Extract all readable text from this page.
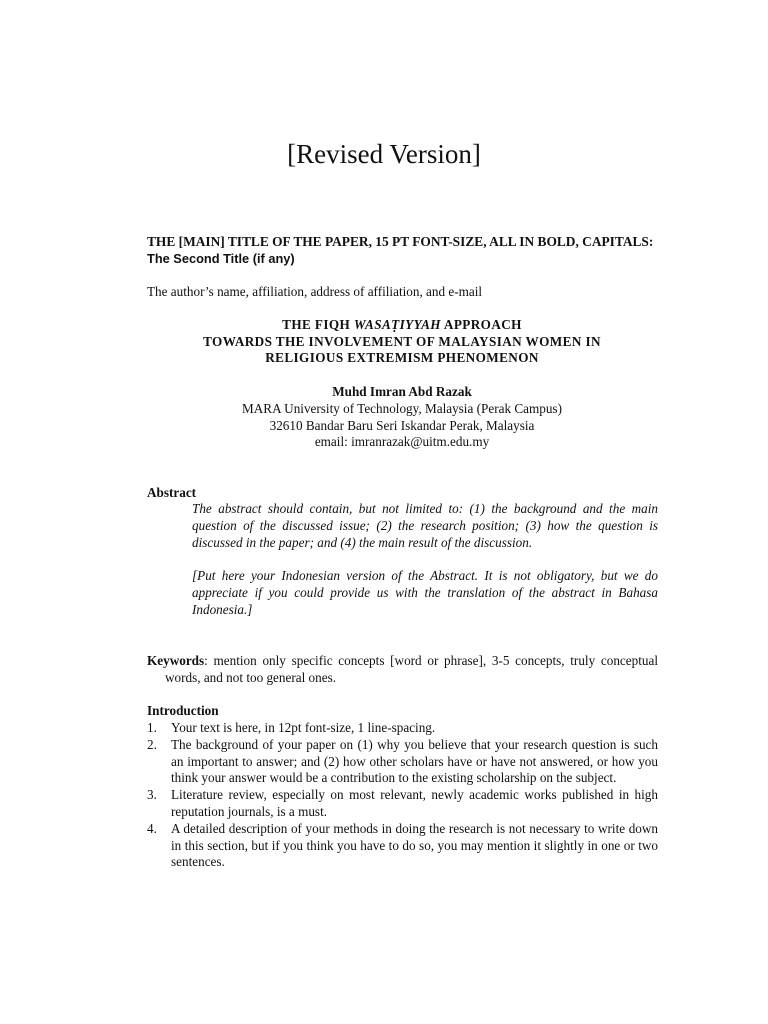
[Revised Version]
THE [MAIN] TITLE OF THE PAPER, 15 PT FONT-SIZE, ALL IN BOLD, CAPITALS: The Second Title (if any)
The author’s name, affiliation, address of affiliation, and e-mail
THE FIQH WASAṬIYYAH APPROACH
TOWARDS THE INVOLVEMENT OF MALAYSIAN WOMEN IN
RELIGIOUS EXTREMISM PHENOMENON
Muhd Imran Abd Razak
MARA University of Technology, Malaysia (Perak Campus)
32610 Bandar Baru Seri Iskandar Perak, Malaysia
email: imranrazak@uitm.edu.my
Abstract

The abstract should contain, but not limited to: (1) the background and the main question of the discussed issue; (2) the research position; (3) how the question is discussed in the paper; and (4) the main result of the discussion.

[Put here your Indonesian version of the Abstract. It is not obligatory, but we do appreciate if you could provide us with the translation of the abstract in Bahasa Indonesia.]

Keywords: mention only specific concepts [word or phrase], 3-5 concepts, truly conceptual words, and not too general ones.
Introduction
1. Your text is here, in 12pt font-size, 1 line-spacing.
2. The background of your paper on (1) why you believe that your research question is such an important to answer; and (2) how other scholars have or have not answered, or how you think your answer would be a contribution to the existing scholarship on the subject.
3. Literature review, especially on most relevant, newly academic works published in high reputation journals, is a must.
4. A detailed description of your methods in doing the research is not necessary to write down in this section, but if you think you have to do so, you may mention it slightly in one or two sentences.
